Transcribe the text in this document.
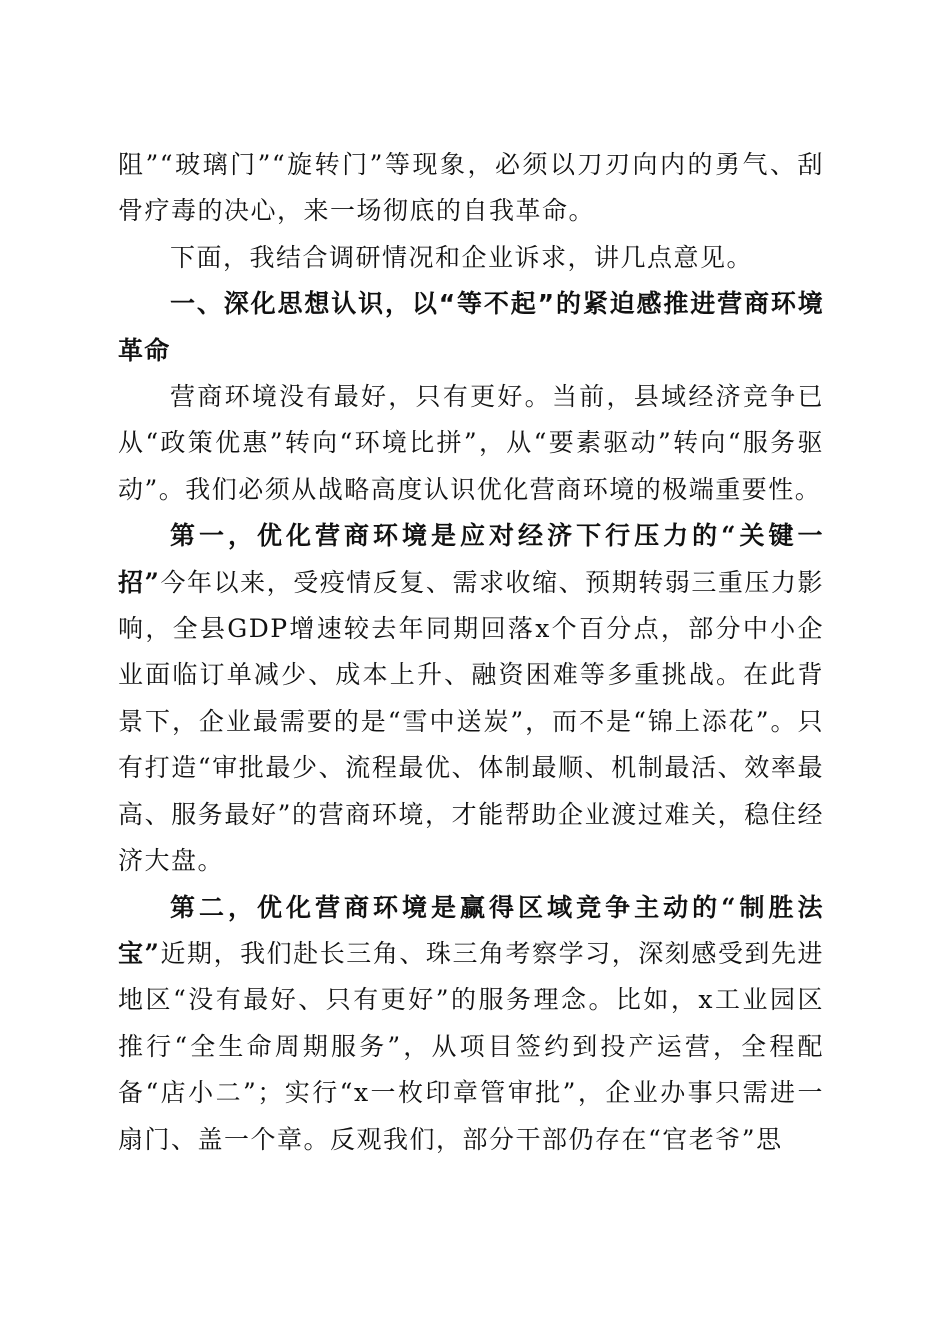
阻”“玻璃门”“旋转门”等现象，必须以刀刃向内的勇气、刮骨疗毒的决心，来一场彻底的自我革命。

下面，我结合调研情况和企业诉求，讲几点意见。

一、深化思想认识，以“等不起”的紧迫感推进营商环境革命

营商环境没有最好，只有更好。当前，县域经济竞争已从“政策优惠”转向“环境比拼”，从“要素驱动”转向“服务驱动”。我们必须从战略高度认识优化营商环境的极端重要性。

第一，优化营商环境是应对经济下行压力的“关键一招”今年以来，受疫情反复、需求收缩、预期转弱三重压力影响，全县GDP增速较去年同期回落x个百分点，部分中小企业面临订单减少、成本上升、融资困难等多重挑战。在此背景下，企业最需要的是“雪中送炭”，而不是“锦上添花”。只有打造“审批最少、流程最优、体制最顺、机制最活、效率最高、服务最好”的营商环境，才能帮助企业渡过难关，稳住经济大盘。

第二，优化营商环境是赢得区域竞争主动的“制胜法宝”近期，我们赴长三角、珠三角考察学习，深刻感受到先进地区“没有最好、只有更好”的服务理念。比如，x工业园区推行“全生命周期服务”，从项目签约到投产运营，全程配备“店小二”；实行“x一枚印章管审批”，企业办事只需进一扇门、盖一个章。反观我们，部分干部仍存在“官老爷”思
